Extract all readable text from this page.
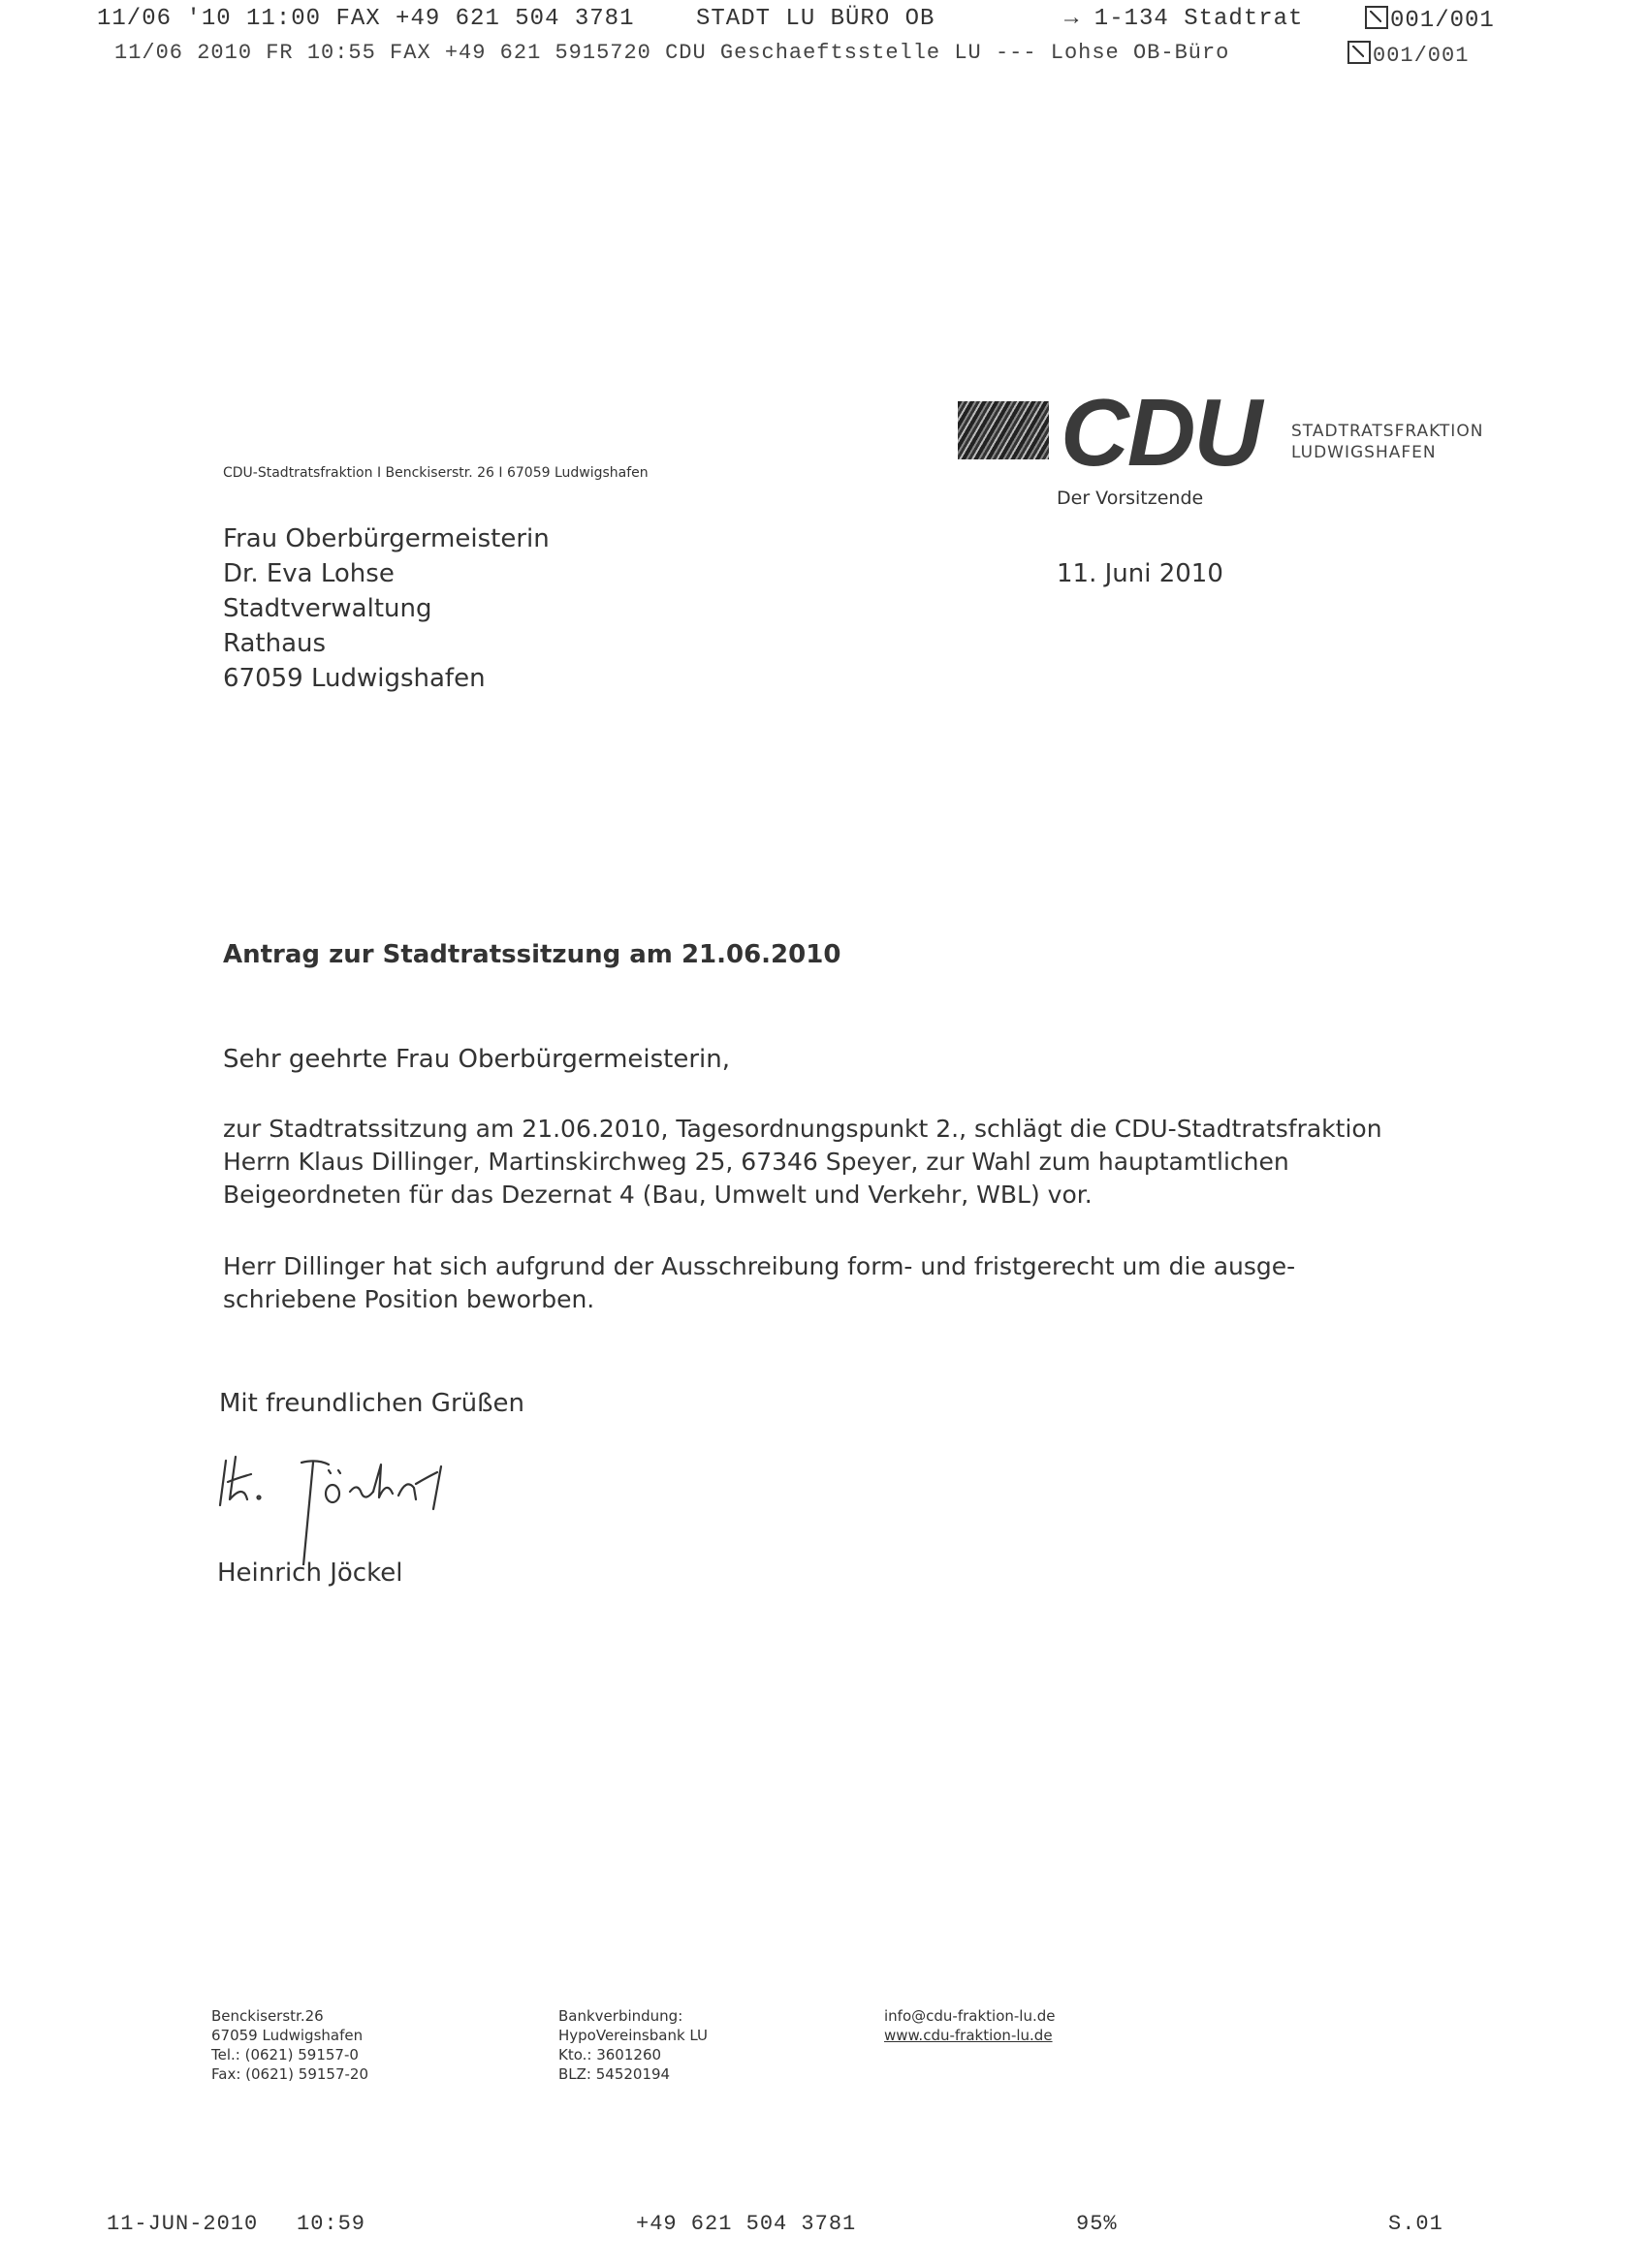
11/06 '10 11:00 FAX +49 621 504 3781	STADT LU BÜRO OB	→ 1-134 Stadtrat	001/001
11/06 2010 FR 10:55 FAX +49 621 5915720 CDU Geschaeftsstelle LU --- Lohse OB-Büro	001/001
CDU STADTRATSFRAKTION
LUDWIGSHAFEN
CDU-Stadtratsfraktion I Benckiserstr. 26 I 67059 Ludwigshafen
Der Vorsitzende
11. Juni 2010
Frau Oberbürgermeisterin
Dr. Eva Lohse
Stadtverwaltung
Rathaus
67059 Ludwigshafen
Antrag zur Stadtratssitzung am 21.06.2010
Sehr geehrte Frau Oberbürgermeisterin,
zur Stadtratssitzung am 21.06.2010, Tagesordnungspunkt 2., schlägt die CDU-Stadtratsfraktion
Herrn Klaus Dillinger, Martinskirchweg 25, 67346 Speyer, zur Wahl zum hauptamtlichen
Beigeordneten für das Dezernat 4 (Bau, Umwelt und Verkehr, WBL) vor.
Herr Dillinger hat sich aufgrund der Ausschreibung form- und fristgerecht um die ausge-
schriebene Position beworben.
Mit freundlichen Grüßen
Heinrich Jöckel
Benckiserstr.26
67059 Ludwigshafen
Tel.: (0621) 59157-0
Fax: (0621) 59157-20
Bankverbindung:
HypoVereinsbank LU
Kto.: 3601260
BLZ: 54520194
info@cdu-fraktion-lu.de
www.cdu-fraktion-lu.de
11-JUN-2010 10:59	+49 621 504 3781	95%	S.01
